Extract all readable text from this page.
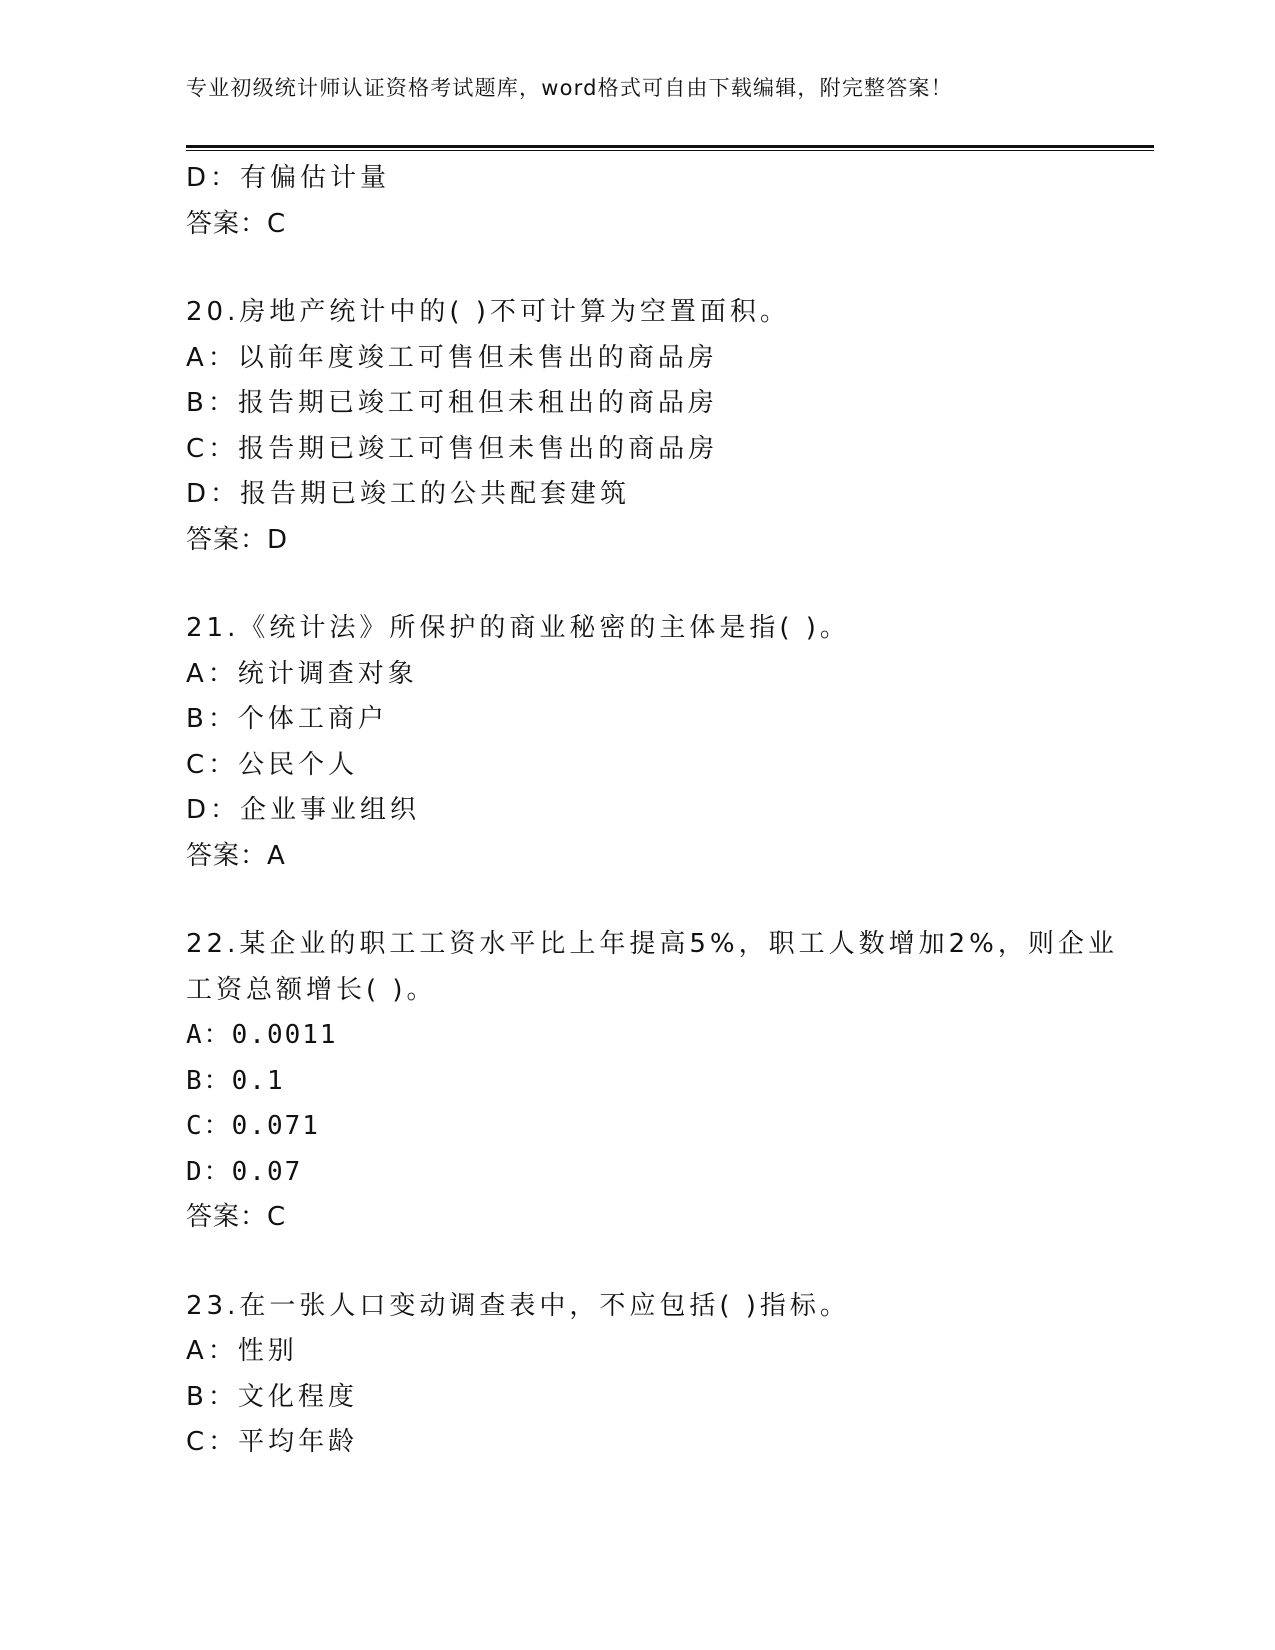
专业初级统计师认证资格考试题库，word格式可自由下载编辑，附完整答案！
D：有偏估计量
答案：C
20.房地产统计中的( )不可计算为空置面积。
A：以前年度竣工可售但未售出的商品房
B：报告期已竣工可租但未租出的商品房
C：报告期已竣工可售但未售出的商品房
D：报告期已竣工的公共配套建筑
答案：D
21.《统计法》所保护的商业秘密的主体是指( )。
A：统计调查对象
B：个体工商户
C：公民个人
D：企业事业组织
答案：A
22.某企业的职工工资水平比上年提高5%，职工人数增加2%，则企业
工资总额增长( )。
A：0.0011
B：0.1
C：0.071
D：0.07
答案：C
23.在一张人口变动调查表中，不应包括( )指标。
A：性别
B：文化程度
C：平均年龄
